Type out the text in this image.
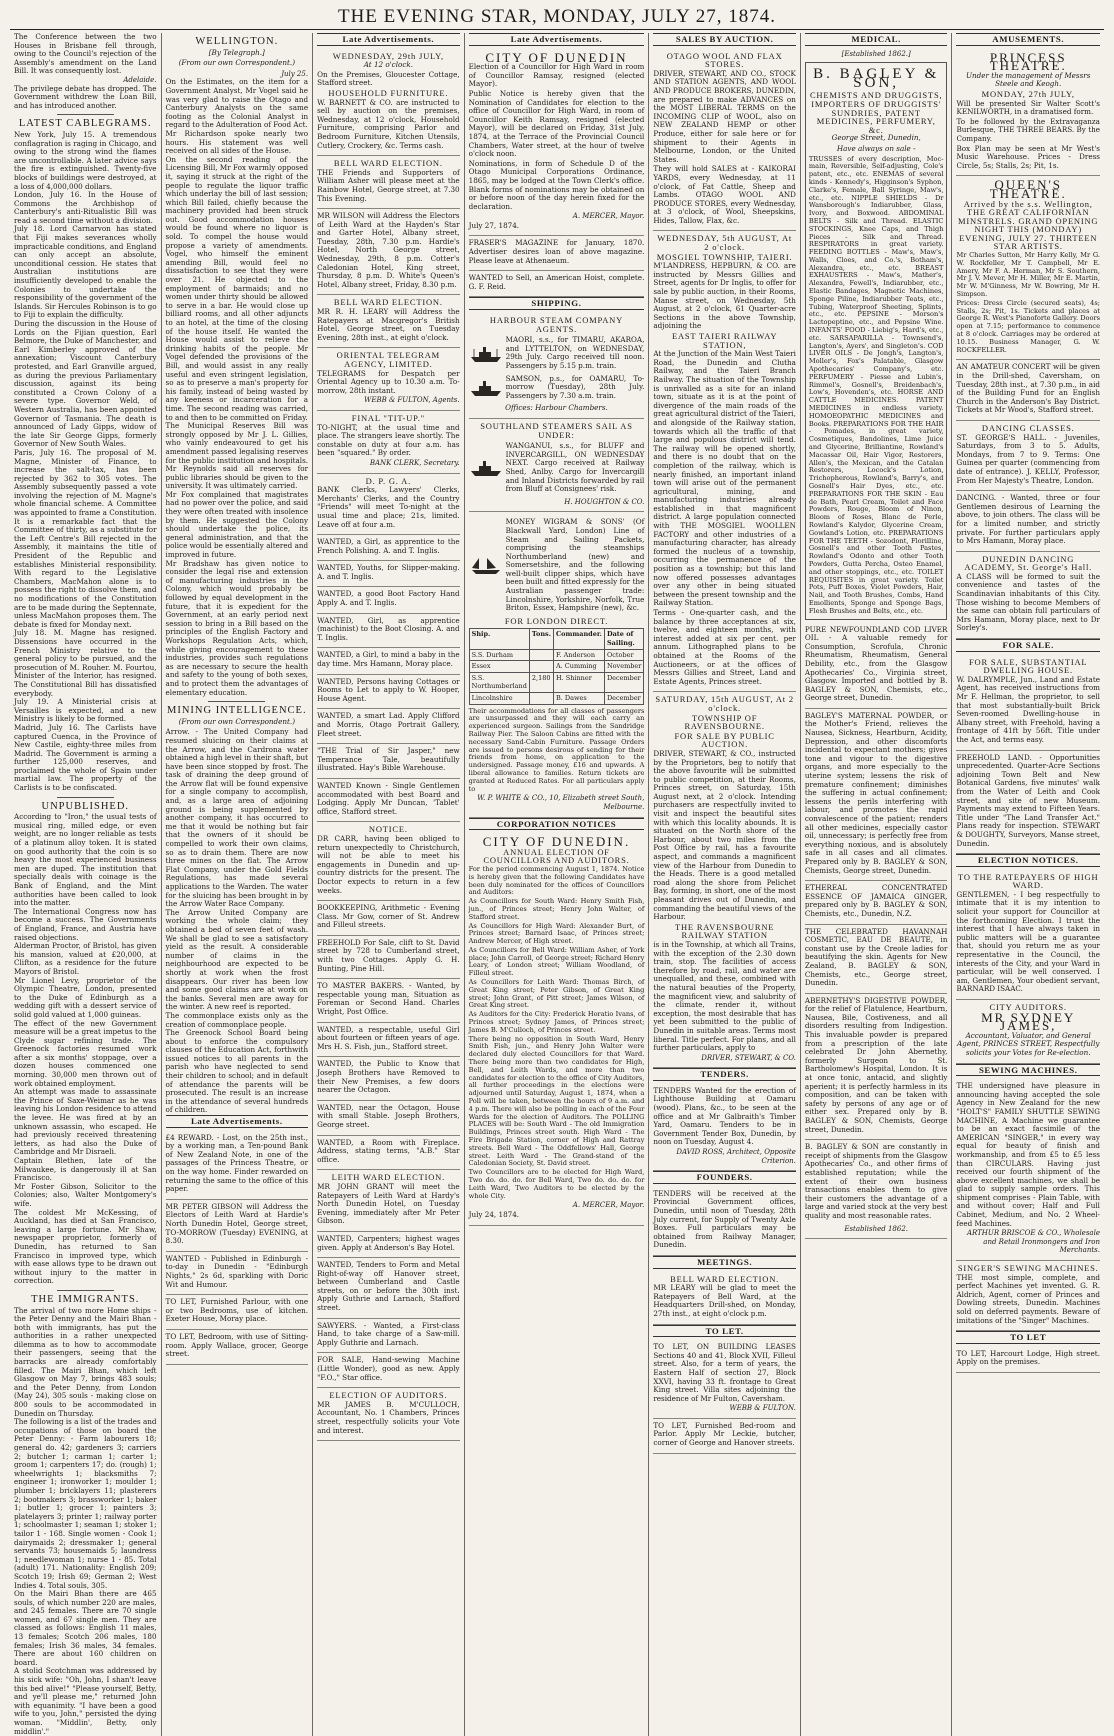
THE EVENING STAR, MONDAY, JULY 27, 1874.

The Conference between the two Houses in Brisbane fell through, owing to the Council's rejection of the Assembly's amendment on the Land Bill. It was consequently lost.

Adelaide.

The privilege debate has dropped. The Government withdrew the Loan Bill, and has introduced another.

LATEST CABLEGRAMS.

New York, July 15. A tremendous conflagration is raging in Chicago, and owing to the strong wind the flames are uncontrollable. A later advice says the fire is extinguished. Twenty-five blocks of buildings were destroyed, at a loss of 4,000,000 dollars.

London, July 16. In the House of Commons the Archbishop of Canterbury's anti-Ritualistic Bill was read a second time without a division.

July 18. Lord Carnarvon has stated that Fiji makes severances wholly impracticable conditions, and England can only accept an absolute, unconditional cession. He states that Australian institutions are insufficiently developed to enable the Colonies to undertake the responsibility of the government of the Islands. Sir Hercules Robinson is to go to Fiji to explain the difficulty.

During the discussion in the House of Lords on the Fijian question, Earl Belmore, the Duke of Manchester, and Earl Kimberley approved of the annexation; Viscount Canterbury protested, and Earl Granville argued, as during the previous Parliamentary discussion, against its being constituted a Crown Colony of a severe type. Governor Weld, of Western Australia, has been appointed Governor of Tasmania. The death is announced of Lady Gipps, widow of the late Sir George Gipps, formerly Governor of New South Wales.

Paris, July 16. The proposal of M. Magne, Minister of Finance, to increase the salt-tax, has been rejected by 362 to 305 votes. The Assembly subsequently passed a vote involving the rejection of M. Magne's whole financial scheme. A Committee was appointed to frame a Constitution. It is a remarkable fact that the Committee of thirty, as a substitute for the Left Centre's Bill rejected in the Assembly, it maintains the title of President of the Republic and establishes Ministerial responsibility. With regard to the Legislative Chambers, MacMahon alone is to possess the right to dissolve them, and no modifications of the Constitution are to be made during the Septennate, unless MacMahon proposes them. The debate is fixed for Monday next.

July 18. M. Magne has resigned. Dissensions have occurred in the French Ministry relative to the general policy to be pursued, and the prosecution of M. Rouher. M. Fourtou, Minister of the Interior, has resigned. The Constitutional Bill has dissatisfied everybody.

July 19. A Ministerial crisis at Versailles is expected, and a new Ministry is likely to be formed.

Madrid, July 16. The Carlists have captured Cuenca, in the Province of New Castile, eighty-three miles from Madrid. The Government is arming a further 125,000 reserves, and proclaimed the whole of Spain under martial law. The property of the Carlists is to be confiscated.

UNPUBLISHED.

According to "Iron," the usual tests of musical ring, milled edge, or even weight, are no longer reliable as tests of a platinum alloy token. It is stated on good authority that the coin is so heavy the most experienced business men are duped. The institution that specially deals with coinage is the Bank of England, and the Mint authorities have been called to look into the matter.

The International Congress now has become a success. The Governments of England, France, and Austria have raised objections.

Alderman Proctor, of Bristol, has given his mansion, valued at £20,000, at Clifton, as a residence for the future Mayors of Bristol.

Mr Lionel Levy, proprietor of the Olympic Theatre, London, presented to the Duke of Edinburgh as a wedding gift with a dessert service of solid gold valued at 1,000 guineas.

The effect of the new Government measure will be a great impetus to the Clyde sugar refining trade. The Greenock factories resumed work after a six months' stoppage, over a dozen houses commenced one morning. 30,000 men thrown out of work obtained employment.

An attempt was made to assassinate the Prince of Saxe-Weimar as he was leaving his London residence to attend the levee. He was fired at by an unknown assassin, who escaped. He had previously received threatening letters, as had also the Duke of Cambridge and Mr Disraeli.

Captain Blethen, late of the Milwaukee, is dangerously ill at San Francisco.

Mr Foster Gibson, Solicitor to the Colonies; also, Walter Montgomery's wife.

The coldest Mr McKessing, of Auckland, has died at San Francisco, leaving a large fortune. Mr Shaw, newspaper proprietor, formerly of Dunedin, has returned to San Francisco in improved type, which with ease allows type to be drawn out without injury to the matter in correction.

THE IMMIGRANTS.

The arrival of two more Home ships - the Peter Denny and the Mairi Bhan - both with immigrants, has put the authorities in a rather unexpected dilemma as to how to accommodate their passengers, seeing that the barracks are already comfortably filled. The Mairi Bhan, which left Glasgow on May 7, brings 483 souls; and the Peter Denny, from London (May 24), 305 souls - making close on 800 souls to be accommodated in Dunedin on Thursday.

The following is a list of the trades and occupations of those on board the Peter Denny: - Farm labourers 18; general do. 42; gardeners 3; carriers 2; butcher 1; carman 1; carter 1; groom 1; carpenters 17; do. (rough) 1; wheelwrights 1; blacksmiths 7; engineer 1; ironworker 1; moulder 1; plumber 1; bricklayers 11; plasterers 2; bootmakers 3; brassworker 1; baker 1; butler 1; grocer 1; painters 3; platelayers 3; printer 1; railway porter 1; schoolmaster 1; seaman 1; stoker 1; tailor 1 - 168. Single women - Cook 1; dairymaids 2; dressmaker 1; general servants 73; housemaids 5; laundress 1; needlewoman 1; nurse 1 - 85. Total (adult) 171. Nationality: English 209; Scotch 19; Irish 69; German 2; West Indies 4. Total souls, 305.

On the Mairi Bhan there are 465 souls, of which number 220 are males, and 245 females. There are 70 single women, and 67 single men. They are classed as follows: English 11 males, 13 females; Scotch 206 males, 180 females; Irish 36 males, 34 females. There are about 160 children on board.

A stolid Scotchman was addressed by his sick wife: "Oh, John, I shan't leave this bed alive!" "Please yourself, Betty, and ye'll please me," returned John with equanimity. "I have been a good wife to you, John," persisted the dying woman. "Middlin', Betty, only middlin'."

WELLINGTON.
[By Telegraph.]
(From our own Correspondent.)

July 25.

On the Estimates, on the item for a Government Analyst, Mr Vogel said he was very glad to raise the Otago and Canterbury Analysts on the same footing as the Colonial Analyst in regard to the Adulteration of Food Act.

Mr Richardson spoke nearly two hours. His statement was well received on all sides of the House.

On the second reading of the Licensing Bill, Mr Fox warmly opposed it, saying it struck at the right of the people to regulate the liquor traffic which underlay the bill of last session; which Bill failed, chiefly because the machinery provided had been struck out. Good accommodation houses would be found where no liquor is sold. To compel the house would propose a variety of amendments. Vogel, who himself the eminent amending Bill, would feel no dissatisfaction to see that they were over 21. He objected to the employment of barmaids; and no women under thirty should be allowed to serve in a bar. He would close up billiard rooms, and all other adjuncts to an hotel, at the time of the closing of the house itself. He wanted the House would assist to relieve the drinking habits of the people. Mr Vogel defended the provisions of the Bill, and would assist in any really useful and even stringent legislation, so as to preserve a man's property for his family, instead of being wasted by any keeness or incarceration for a time. The second reading was carried, to and then to be committed on Friday.

The Municipal Reserves Bill was strongly opposed by Mr J. L. Gillies, who vainly endeavoured to get his amendment passed legalising reserves for the public institution and hospitals. Mr Reynolds said all reserves for public libraries should be given to the university. It was ultimately carried.

Mr Fox complained that magistrates had no power over the police, and said they were often treated with insolence by them. He suggested the Colony should undertake the police, its general administration, and that the police would be essentially altered and improved in future.

Mr Bradshaw has given notice to consider the legal rise and extension of manufacturing industries in the Colony, which would probably be followed by equal development in the future, that it is expedient for the Government, at an early period next session to bring in a Bill based on the principles of the English Factory and Workshops Regulation Acts, which, while giving encouragement to these industries, provides such regulations as are necessary to secure the health and safety to the young of both sexes, and to protect them the advantages of elementary education.

MINING INTELLIGENCE.
(From our own Correspondent.)

Arrow. - The United Company had resumed sluicing on their claims at the Arrow, and the Cardrona water obtained a high level in their shaft, but have been since stopped by frost. The task of draining the deep ground of the Arrow flat will be found expensive for a single company to accomplish, and, as a large area of adjoining ground is being supplemented by another company, it has occurred to me that it would be nothing but fair that the owners of it should be compelled to work their own claims, so as to drain them. There are now three mines on the flat. The Arrow Flat Company, under the Gold Fields Regulations, has made several applications to the Warden. The water for the sluicing has been brought in by the Arrow Water Race Company.

The Arrow United Company are working the whole claim; they obtained a bed of seven feet of wash. We shall be glad to see a satisfactory yield as the result. A considerable number of claims in the neighbourhood are expected to be shortly at work when the frost disappears. Our river has been low and some good claims are at work on the banks. Several men are away for the winter. A new reef is reported.

The commonplace exists only as the creation of commonplace people.

The Greenock School Board being about to enforce the compulsory clauses of the Education Act, forthwith issued notices to all parents in the parish who have neglected to send their children to school; and in default of attendance the parents will be prosecuted. The result is an increase in the attendance of several hundreds of children.

Late Advertisements.

£4 REWARD. - Lost, on the 25th inst., by a working man, a Ten-pound Bank of New Zealand Note, in one of the passages of the Princess Theatre, or on the way home. Finder rewarded on returning the same to the office of this paper.

MR PETER GIBSON will Address the Electors of Leith Ward at Hardie's North Dunedin Hotel, George street, TO-MORROW (Tuesday) EVENING, at 8.30.

WANTED - Published in Edinburgh - to-day in Dunedin - "Edinburgh Nights," 2s 6d, sparkling with Doric Wit and Humour.

TO LET, Furnished Parlour, with one or two Bedrooms, use of kitchen. Exeter House, Moray place.

TO LET, Bedroom, with use of Sitting-room. Apply Wallace, grocer, George street.

Late Advertisements.

WEDNESDAY, 29th JULY,

At 12 o'clock.

On the Premises, Gloucester Cottage, Stafford street.

HOUSEHOLD FURNITURE.

W. BARNETT & CO. are instructed to sell by auction on the premises, Wednesday, at 12 o'clock, Household Furniture, comprising Parlor and Bedroom Furniture, Kitchen Utensils, Cutlery, Crockery, &c. Terms cash.

BELL WARD ELECTION.

THE Friends and Supporters of William Asher will please meet at the Rainbow Hotel, George street, at 7.30 This Evening.

MR WILSON will Address the Electors of Leith Ward at the Hayden's Star and Garter Hotel, Albany street, Tuesday, 28th, 7.30 p.m. Hardie's Hotel, North George street, Wednesday, 29th, 8 p.m. Cotter's Caledonian Hotel, King street, Thursday, 8 p.m. D. White's Queen's Hotel, Albany street, Friday, 8.30 p.m.

BELL WARD ELECTION.

MR R. H. LEARY will Address the Ratepayers at Macgregor's British Hotel, George street, on Tuesday Evening, 28th inst., at eight o'clock.

ORIENTAL TELEGRAM AGENCY, LIMITED.

TELEGRAMS for Despatch per Oriental Agency up to 10.30 a.m. To-morrow, 28th instant.

WEBB & FULTON, Agents.

FINAL "TIT-UP."

TO-NIGHT, at the usual time and place. The strangers leave shortly. The constable on duty at four a.m. has been "squared." By order.

BANK CLERK, Secretary.

D. P. G. A.

BANK Clerks, Lawyers' Clerks, Merchants' Clerks, and the Country "Friends" will meet To-night at the usual time and place; 21s, limited. Leave off at four a.m.

WANTED, a Girl, as apprentice to the French Polishing. A. and T. Inglis.

WANTED, Youths, for Slipper-making. A. and T. Inglis.

WANTED, a good Boot Factory Hand Apply A. and T. Inglis.

WANTED, Girl, as apprentice (machinist) to the Boot Closing. A. and T. Inglis.

WANTED, a Girl, to mind a baby in the day time. Mrs Hamann, Moray place.

WANTED, Persons having Cottages or Rooms to Let to apply to W. Hooper, House Agent.

WANTED, a smart Lad. Apply Clifford and Morris, Otago Portrait Gallery, Fleet street.

"THE Trial of Sir Jasper," new Temperance Tale, beautifully illustrated. Hay's Bible Warehouse.

WANTED Known - Single Gentlemen accommodated with best Board and Lodging. Apply Mr Duncan, 'Tablet' office, Stafford street.

NOTICE.

DR CARR, having been obliged to return unexpectedly to Christchurch, will not be able to meet his engagements in Dunedin and up-country districts for the present. The Doctor expects to return in a few weeks.

BOOKKEEPING, Arithmetic - Evening Class. Mr Gow, corner of St. Andrew and Filleul streets.

FREEHOLD For Sale, clift to St. David street by 728 to Cumberland street, with two Cottages. Apply G. H. Bunting, Pine Hill.

TO MASTER BAKERS. - Wanted, by respectable young man, Situation as Foreman or Second Hand. Charles Wright, Post Office.

WANTED, a respectable, useful Girl about fourteen or fifteen years of age. Mrs H. S. Fish, jun., Stafford street.

WANTED, the Public to Know that Joseph Brothers have Removed to their New Premises, a few doors nearer the Octagon.

WANTED, near the Octagon, House with small Stable. Joseph Brothers, George street.

WANTED, a Room with Fireplace. Address, stating terms, "A.B." Star office.

LEITH WARD ELECTION.

MR JOHN GRANT will meet the Ratepayers of Leith Ward at Hardy's North Dunedin Hotel, on Tuesday Evening, immediately after Mr Peter Gibson.

WANTED, Carpenters; highest wages given. Apply at Anderson's Bay Hotel.

WANTED, Tenders to Form and Metal Right-of-way off Hanover street, between Cumberland and Castle streets, on or before the 30th inst. Apply Guthrie and Larnach, Stafford street.

SAWYERS. - Wanted, a First-class Hand, to take charge of a Saw-mill. Apply Guthrie and Larnach.

FOR SALE, Hand-sewing Machine (Little Wonder), good as new. Apply "F.O.," Star office.

ELECTION OF AUDITORS.

MR JAMES B. M'CULLOCH, Accountant, No. 1 Chambers, Princes street, respectfully solicits your Vote and interest.

Late Advertisements.

CITY OF DUNEDIN

Election of a Councillor for High Ward in room of Councillor Ramsay, resigned (elected Mayor).

Public Notice is hereby given that the Nomination of Candidates for election to the office of Councillor for High Ward, in room of Councillor Keith Ramsay, resigned (elected Mayor), will be declared on Friday, 31st July, 1874, at the Terrace of the Provincial Council Chambers, Water street, at the hour of twelve o'clock noon.

Nominations, in form of Schedule D of the Otago Municipal Corporations Ordinance, 1865, may be lodged at the Town Clerk's office. Blank forms of nominations may be obtained on or before noon of the day herein fixed for the declaration.

A. MERCER, Mayor.

July 27, 1874.

FRASER'S MAGAZINE for January, 1870. Advertiser desires loan of above magazine. Please leave at Athenaeum.

WANTED to Sell, an American Hoist, complete. G. F. Reid.

SHIPPING.

HARBOUR STEAM COMPANY AGENTS.

MAORI, s.s., for TIMARU, AKAROA, and LYTTELTON, on WEDNESDAY, 29th July. Cargo received till noon. Passengers by 5.15 p.m. train.

SAMSON, p.s., for OAMARU, To-morrow (Tuesday), 28th July. Passengers by 7.30 a.m. train.

Offices: Harbour Chambers.

SOUTHLAND STEAMERS SAIL AS UNDER:

WANGANUI, s.s., for BLUFF and INVERCARGILL, ON WEDNESDAY NEXT. Cargo received at Railway Shed, Anlby. Cargo for Invercargill and Inland Districts forwarded by rail from Bluff at Consignees' risk.

H. HOUGHTON & CO.

MONEY WIGRAM & SONS' (Of Blackwall Yard, London) Line of Steam and Sailing Packets, comprising the steamships Northumberland (new) and Somersetshire, and the following well-built clipper ships, which have been built and fitted expressly for the Australian passenger trade: Lincolnshire, Yorkshire, Norfolk, True Briton, Essex, Hampshire (new), &c.

FOR LONDON DIRECT.

Ship.	Tons.	Commander.	Date of Sailing.
S.S. Durham		F. Anderson	October
Essex		A. Cumming	November
S.S. Northumberland	2,180	H. Shinner	December
Lincolnshire		B. Dawes	December

Their accommodations for all classes of passengers are unsurpassed and they will each carry an experienced surgeon. Sailings from the Sandridge Railway Pier. The Saloon Cabins are fitted with the necessary Sand-Cabin Furniture. Passage Orders are issued to persons desirous of sending for their friends from home, on application to the undersigned. Passage money, £16 and upwards. A liberal allowance to families. Return tickets are granted at Reduced Rates. For all particulars apply to

W. P. WHITE & CO., 10, Elizabeth street South, Melbourne.

CORPORATION NOTICES

CITY OF DUNEDIN.

ANNUAL ELECTION OF COUNCILLORS AND AUDITORS.

For the period commencing August 1, 1874. Notice is hereby given that the following Candidates have been duly nominated for the offices of Councillors and Auditors:

As Councillors for South Ward: Henry Smith Fish, jun., of Princes street; Henry John Walter, of Stafford street.

As Councillors for High Ward: Alexander Burt, of Princes street; Barnard Isaac, of Princes street; Andrew Mercer, of High street.

As Councillors for Bell Ward: William Asher, of York place; John Carroll, of George street; Richard Henry Leary, of London street; William Woodland, of Filleul street.

As Councillors for Leith Ward: Thomas Birch, of Great King street; Peter Gibson, of Great King street; John Grant, of Pitt street; James Wilson, of Great King street.

As Auditors for the City: Frederick Horatio Ivans, of Princes street; Sydney James, of Princes street; James B. M'Culloch, of Princes street.

There being no opposition in South Ward, Henry Smith Fish, jun., and Henry John Walter were declared duly elected Councillors for that Ward. There being more than two candidates for High, Bell, and Leith Wards, and more than two candidates for election to the office of City Auditors, all further proceedings in the elections were adjourned until Saturday, August 1, 1874, when a Poll will be taken, between the hours of 9 a.m. and 4 p.m. There will also be polling in each of the Four Wards for the election of Auditors. The POLLING PLACES will be: South Ward - The old Immigration Buildings, Princes street south. High Ward - The Fire Brigade Station, corner of High and Rattray streets. Bell Ward - The Oddfellows' Hall, George street. Leith Ward - The Grand-stand of the Caledonian Society, St. David street.

Two Councillors are to be elected for High Ward, Two do. do. do. for Bell Ward, Two do. do. do. for Leith Ward, Two Auditors to be elected by the whole City.

A. MERCER, Mayor.

July 24, 1874.

SALES BY AUCTION.

OTAGO WOOL AND FLAX STORES.

DRIVER, STEWART, AND CO., STOCK AND STATION AGENTS, AND WOOL AND PRODUCE BROKERS, DUNEDIN, are prepared to make ADVANCES on the MOST LIBERAL TERMS on the INCOMING CLIP of WOOL, also on NEW ZEALAND HEMP or other Produce, either for sale here or for shipment to their Agents in Melbourne, London, or the United States.

They will hold SALES at - KAIKORAI YARDS, every Wednesday, at 11 o'clock, of Fat Cattle, Sheep and Lambs. OTAGO WOOL AND PRODUCE STORES, every Wednesday, at 3 o'clock, of Wool, Sheepskins, Hides, Tallow, Flax, &c.

WEDNESDAY, 5th AUGUST, At 2 o'clock.

MOSGIEL TOWNSHIP, TAIERI.

M'LANDRESS, HEPBURN, & CO. are instructed by Messrs Gillies and Street, agents for Dr Inglis, to offer for sale by public auction, in their Rooms, Manse street, on Wednesday, 5th August, at 2 o'clock, 61 Quarter-acre Sections in the above Township, adjoining the

EAST TAIERI RAILWAY STATION,

At the Junction of the Main West Taieri Road, the Dunedin and Clutha Railway, and the Taieri Branch Railway. The situation of the Township is unrivalled as a site for an inland town, situate as it is at the point of divergence of the main roads of the great agricultural district of the Taieri, and alongside of the Railway station, towards which all the traffic of that large and populous district will tend. The railway will be opened shortly, and there is no doubt that on the completion of the railway, which is nearly finished, an important inland town will arise out of the permanent agricultural, mining, and manufacturing industries already established in that magnificent district. A large population connected with THE MOSGIEL WOOLLEN FACTORY and other industries of a manufacturing character, has already formed the nucleus of a township, occurring the permanence of the position as a township; but this land now offered possesses advantages over any other in being situated between the present township and the Railway Station.

Terms - One-quarter cash, and the balance by three acceptances at six, twelve, and eighteen months, with interest added at six per cent. per annum. Lithographed plans to be obtained at the Rooms of the Auctioneers, or at the offices of Messrs Gillies and Street, Land and Estate Agents, Princes street.

SATURDAY, 15th AUGUST, At 2 o'clock.

TOWNSHIP OF RAVENSBOURNE.

FOR SALE BY PUBLIC AUCTION.

DRIVER, STEWART, & CO., instructed by the Proprietors, beg to notify that the above favourite will be submitted to public competition, at their Rooms, Princes street, on Saturday, 15th August next, at 2 o'clock. Intending purchasers are respectfully invited to visit and inspect the beautiful sites with which this locality abounds. It is situated on the North shore of the Harbour, about two miles from the Post Office by rail, has a favourite aspect, and commands a magnificent view of the Harbour from Dunedin to the Heads. There is a good metalled road along the shore from Pelichet Bay, forming, in short, one of the most pleasant drives out of Dunedin, and commanding the beautiful views of the Harbour.

THE RAVENSBOURNE RAILWAY STATION

is in the Township, at which all Trains, with the exception of the 2.30 down train, stop. The facilities of access therefore by road, rail, and water are unequalled, and these, combined with the natural beauties of the Property, the magnificent view, and salubrity of the climate, render it, without exception, the most desirable that has yet been submitted to the public of Dunedin in suitable areas. Terms most liberal. Title perfect. For plans, and all further particulars, apply to

DRIVER, STEWART, & CO.

TENDERS.

TENDERS Wanted for the erection of Lighthouse Building at Oamaru (wood). Plans, &c., to be seen at the office and at Mr Galbraith's Timber Yard, Oamaru. Tenders to be in Government Tender Box, Dunedin, by noon on Tuesday, August 4.

DAVID ROSS, Architect, Opposite Criterion.

FOUNDERS.

TENDERS will be received at the Provincial Government offices, Dunedin, until noon of Tuesday, 28th July current, for Supply of Twenty Axle Boxes. Full particulars may be obtained from Railway Manager, Dunedin.

MEETINGS.

BELL WARD ELECTION.

MR LEARY will be glad to meet the Ratepayers of Bell Ward, at the Headquarters Drill-shed, on Monday, 27th inst., at eight o'clock p.m.

TO LET.

TO LET, ON BUILDING LEASES Sections 40 and 41, Block XVII, Filleul street. Also, for a term of years, the Eastern Half of section 27, Block XXVI, having 33 ft. frontage to Great King street. Villa sites adjoining the residence of Mr Fulton, Caversham.

WEBB & FULTON.

TO LET, Furnished Bed-room and Parlor. Apply Mr Leckie, butcher, corner of George and Hanover streets.

MEDICAL.

[Established 1862.]

B. BAGLEY & SON,

CHEMISTS AND DRUGGISTS, IMPORTERS OF DRUGGISTS' SUNDRIES, PATENT MEDICINES, PERFUMERY, &c.

George Street, Dunedin,

Have always on sale -

TRUSSES of every description, Moc-main, Reversible, Self-adjusting, Cole's patent, etc., etc. ENEMAS of several kinds - Kennedy's, Higginson's Syphon, Clarke's, Female, Ball Syringe, Maw's, etc., etc. NIPPLE SHIELDS - Dr Wansborough's Indiarubber, Glass, Ivory, and Boxwood. ABDOMINAL BELTS - Silk and Thread. ELASTIC STOCKINGS, Knee Caps, and Thigh Pieces - Silk and Thread. RESPIRATORS in great variety. FEEDING BOTTLES - Maw's, Maw's, Walls, Cloes, and Co.'s, Botham's, Alexandra, etc., etc. BREAST EXHAUSTERS - Maw's, Mather's, Alexandra, Fewell's, Indiarubber, etc., Elastic Bandages, Magnetic Machines, Sponge Piline, Indiarubber Teats, etc., Tubing, Waterproof Sheeting, Splints, etc., etc. PEPSINE - Morson's Lactopeptine, etc., and Pepsine Wine. INFANTS' FOOD - Liebig's, Hard's, etc., etc. SARSAPARILLA - Townsend's, Langton's, Ayers', and Singleton's. COD LIVER OILS - De Jongh's, Langton's, Moller's, Fox's Palatable, Glasgow Apothecaries' Company's, etc. PERFUMERY - Piesse and Lubin's, Rimmel's, Gosnell's, Breidenbach's, Low's, Hovenden's, etc. HORSE AND CATTLE MEDICINES. PATENT MEDICINES in endless variety. HOMOEOPATHIC MEDICINES and Books. PREPARATIONS FOR THE HAIR - Pomades, in great variety, Cosmetiques, Bandolines, Lime Juice and Glycerine, Brilliantine, Rowland's Macassar Oil, Hair Vigor, Restorers, Allen's, the Mexican, and the Catalan Restorers, Locock's Lotion, Trichopherous, Rowland's, Barry's, and Gosnell's Hair Dyes, etc., etc. PREPARATIONS FOR THE SKIN - Eau de Bath, Pearl Cream, Toilet and Face Powders, Rouge, Bloom of Ninon, Bloom of Roses, Blanc de Perle, Rowland's Kalydor, Glycerine Cream, Gowland's Lotion, etc. PREPARATIONS FOR THE TEETH - Sozodont, Florilline, Gosnell's and other Tooth Pastes, Rowland's Odonto and other Tooth Powders, Gutta Percha, Osteo Enamel, and other stoppings, etc., etc. TOILET REQUISITES in great variety. Toilet Pots, Puff Boxes, Violet Powders, Hair, Nail, and Tooth Brushes, Combs, Hand Emollients, Sponge and Sponge Bags, Flesh Brushes and Belts, etc., etc.

PURE NEWFOUNDLAND COD LIVER OIL - A valuable remedy for Consumption, Scrofula, Chronic Rheumatism, Rheumatism, General Debility, etc., from the Glasgow Apothecaries' Co., Virginia street, Glasgow. Imported and bottled by B. BAGLEY & SON, Chemists, etc., George street, Dunedin.

BAGLEY'S MATERNAL POWDER, or the Mother's Friend, relieves the Nausea, Sickness, Heartburn, Acidity, Depression, and other discomforts incidental to expectant mothers; gives tone and vigour to the digestive organs, and more especially to the uterine system; lessens the risk of premature confinement; diminishes the suffering in actual confinement; lessens the perils interfering with labour, and promotes the rapid convalescence of the patient; renders all other medicines, especially castor oil, unnecessary; is perfectly free from everything noxious, and is absolutely safe in all cases and all climates. Prepared only by B. BAGLEY & SON, Chemists, George street, Dunedin.

ETHEREAL CONCENTRATED ESSENCE OF JAMAICA GINGER, prepared only by B. BAGLEY & SON, Chemists, etc., Dunedin, N.Z.

THE CELEBRATED HAVANNAH COSMETIC, EAU DE BEAUTE, in constant use by the Creole ladies for beautifying the skin. Agents for New Zealand, B. BAGLEY & SON, Chemists, etc., George street, Dunedin.

ABERNETHY'S DIGESTIVE POWDER, for the relief of Flatulence, Heartburn, Nausea, Bile, Costiveness, and all disorders resulting from Indigestion. This invaluable powder is prepared from a prescription of the late celebrated Dr John Abernethy, formerly Surgeon to St. Bartholomew's Hospital, London. It is at once tonic, antacid, and slightly aperient; it is perfectly harmless in its composition, and can be taken with safety by persons of any age or of either sex. Prepared only by B. BAGLEY & SON, Chemists, George street, Dunedin.

B. BAGLEY & SON are constantly in receipt of shipments from the Glasgow Apothecaries' Co., and other firms of established reputation; while the extent of their own business transactions enables them to give their customers the advantage of a large and varied stock at the very best quality and most reasonable rates.

Established 1862.

AMUSEMENTS.

PRINCESS THEATRE.

Under the management of Messrs Steele and Keogh.

MONDAY, 27th JULY,

Will be presented Sir Walter Scott's KENILWORTH, in a dramatised form.

To be followed by the Extravaganza Burlesque, THE THREE BEARS. By the Company.

Box Plan may be seen at Mr West's Music Warehouse. Prices - Dress Circle, 5s; Stalls, 2s; Pit, 1s.

QUEEN'S THEATRE.

Arrived by the s.s. Wellington, THE GREAT CALIFORNIAN MINSTRELS. GRAND OPENING NIGHT THIS (MONDAY) EVENING, JULY 27. THIRTEEN STAR ARTISTS.

Mr Charles Sutton, Mr Harry Kelly, Mr G. W. Rockfeller, Mr T. Campbell, Mr E. Amery, Mr F. A. Herman, Mr S. Southern, Mr J. V. Mever, Mr H. Miller, Mr E. Martin, Mr W. M'Ginness, Mr W. Bowring, Mr H. Simpson.

Prices: Dress Circle (secured seats), 4s; Stalls, 2s; Pit, 1s. Tickets and places at George R. West's Pianoforte Gallery. Doors open at 7.15; performance to commence at 8 o'clock. Carriages may be ordered at 10.15. Business Manager, G. W. ROCKFELLER.

AN AMATEUR CONCERT will be given in the Drill-shed, Caversham, on Tuesday, 28th inst., at 7.30 p.m., in aid of the Building Fund for an English Church in the Anderson's Bay District. Tickets at Mr Wood's, Stafford street.

DANCING CLASSES.

ST. GEORGE'S HALL. - Juveniles, Saturdays, from 3 to 5. Adults, Mondays, from 7 to 9. Terms: One Guinea per quarter (commencing from date of entrance). J. KELLY, Professor, From Her Majesty's Theatre, London.

DANCING. - Wanted, three or four Gentlemen desirous of Learning the above, to join others. The class will be for a limited number, and strictly private. For further particulars apply to Mrs Hamann, Moray place.

DUNEDIN DANCING ACADEMY, St. George's Hall.

A CLASS will be formed to suit the convenience and tastes of the Scandinavian inhabitants of this City. Those wishing to become Members of the same can obtain full particulars of Mrs Hamann, Moray place, next to Dr Sorley's.

FOR SALE.

FOR SALE, SUBSTANTIAL DWELLING HOUSE.

W. DALRYMPLE, Jun., Land and Estate Agent, has received instructions from Mr F. Hellman, the proprietor, to sell that most substantially-built Brick Seven-roomed Dwelling-house in Albany street, with Freehold, having a frontage of 41ft by 56ft. Title under the Act, and terms easy.

FREEHOLD LAND. - Opportunities unprecedented. Quarter-Acre Sections adjoining Town Belt and New Botanical Gardens, five minutes' walk from the Water of Leith and Cook street, and site of new Museum. Payments may extend to Fifteen Years. Title under "The Land Transfer Act." Plans ready for inspection. STEWART & DOUGHTY, Surveyors, Manse street, Dunedin.

ELECTION NOTICES.

TO THE RATEPAYERS OF HIGH WARD.

GENTLEMEN, - I beg respectfully to intimate that it is my intention to solicit your support for Councillor at the forthcoming Election. I trust the interest that I have always taken in public matters will be a guarantee that, should you return me as your representative in the Council, the interests of the City, and your Ward in particular, will be well conserved. I am, Gentlemen, Your obedient servant, BARNARD ISAAC.

CITY AUDITORS.

MR SYDNEY JAMES,

Accountant, Valuator, and General Agent, PRINCES STREET, Respectfully solicits your Votes for Re-election.

SEWING MACHINES.

THE undersigned have pleasure in announcing having accepted the sole Agency in New Zealand for the new "HOLT'S" FAMILY SHUTTLE SEWING MACHINE, A Machine we guarantee to be an exact facsimile of the AMERICAN "SINGER," in every way equal for beauty of finish and workmanship, and from £5 to £5 less than CIRCULARS. Having just received our fourth shipment of the above excellent machines, we shall be glad to supply sample orders. This shipment comprises - Plain Table, with and without cover; Half and Full Cabinet, Medium, and No. 2 Wheel-feed Machines.

ARTHUR BRISCOE & CO., Wholesale and Retail Ironmongers and Iron Merchants.

SINGER'S SEWING MACHINES.

THE most simple, complete, and perfect Machines yet invented. G. R. Aldrich, Agent, corner of Princes and Dowling streets, Dunedin. Machines sold on deferred payments. Beware of imitations of the "Singer" Machines.

TO LET

TO LET, Harcourt Lodge, High street. Apply on the premises.
